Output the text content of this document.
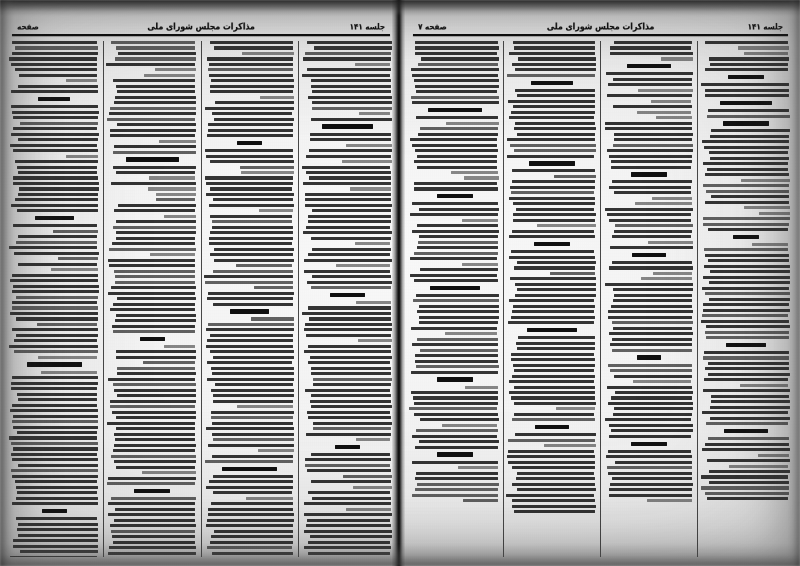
جلسه ۱۴۱
مذاکرات مجلس شورای ملی
صفحه ۷
جلسه ۱۴۱
مذاکرات مجلس شورای ملی
صفحه
